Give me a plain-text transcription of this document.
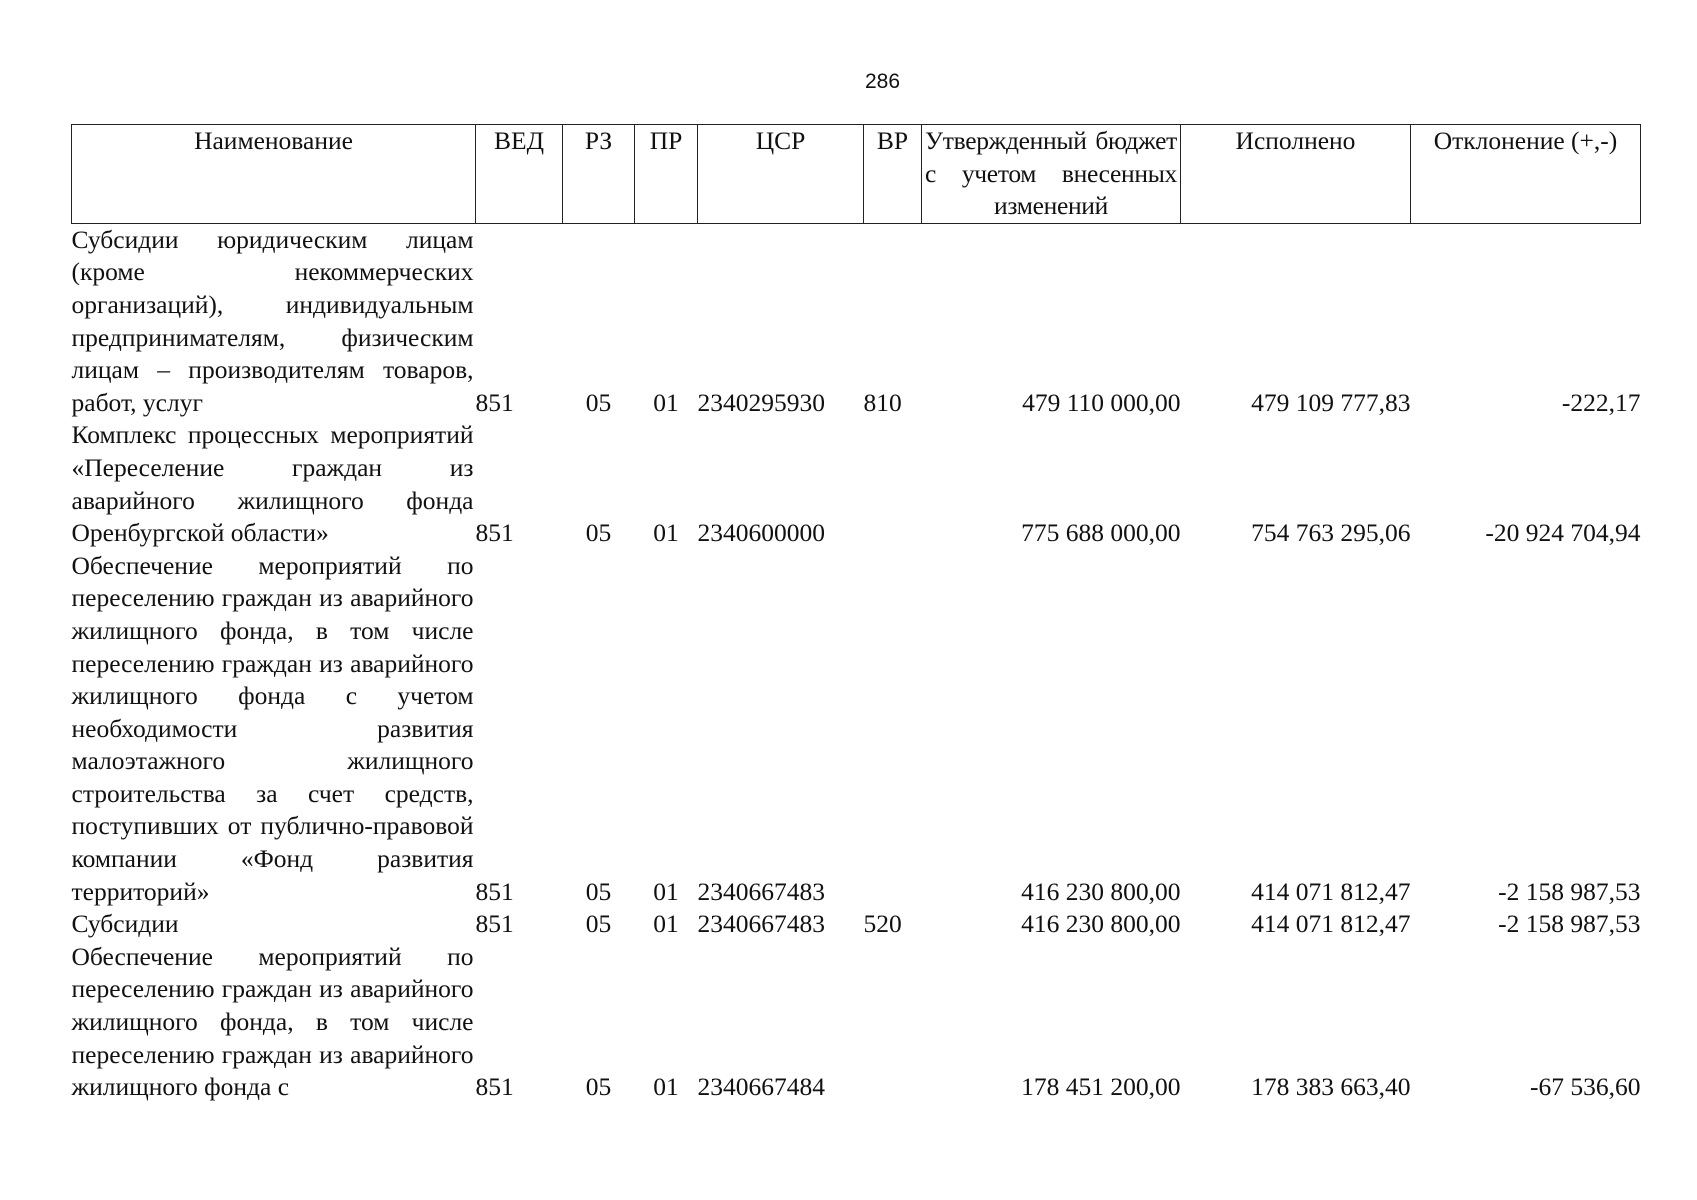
286
Наименование	ВЕД	РЗ	ПР	ЦСР	ВР	Утвержденный бюджет с учетом внесенных изменений	Исполнено	Отклонение (+,-)
Субсидии юридическим лицам (кроме некоммерческих организаций), индивидуальным предпринимателям, физическим лицам – производителям товаров, работ, услуг	851	05	01	2340295930	810	479 110 000,00	479 109 777,83	-222,17
Комплекс процессных мероприятий «Переселение граждан из аварийного жилищного фонда Оренбургской области»	851	05	01	2340600000		775 688 000,00	754 763 295,06	-20 924 704,94
Обеспечение мероприятий по переселению граждан из аварийного жилищного фонда, в том числе переселению граждан из аварийного жилищного фонда с учетом необходимости развития малоэтажного жилищного строительства за счет средств, поступивших от публично-правовой компании «Фонд развития территорий»	851	05	01	2340667483		416 230 800,00	414 071 812,47	-2 158 987,53
Субсидии	851	05	01	2340667483	520	416 230 800,00	414 071 812,47	-2 158 987,53
Обеспечение мероприятий по переселению граждан из аварийного жилищного фонда, в том числе переселению граждан из аварийного жилищного фонда с	851	05	01	2340667484		178 451 200,00	178 383 663,40	-67 536,60
